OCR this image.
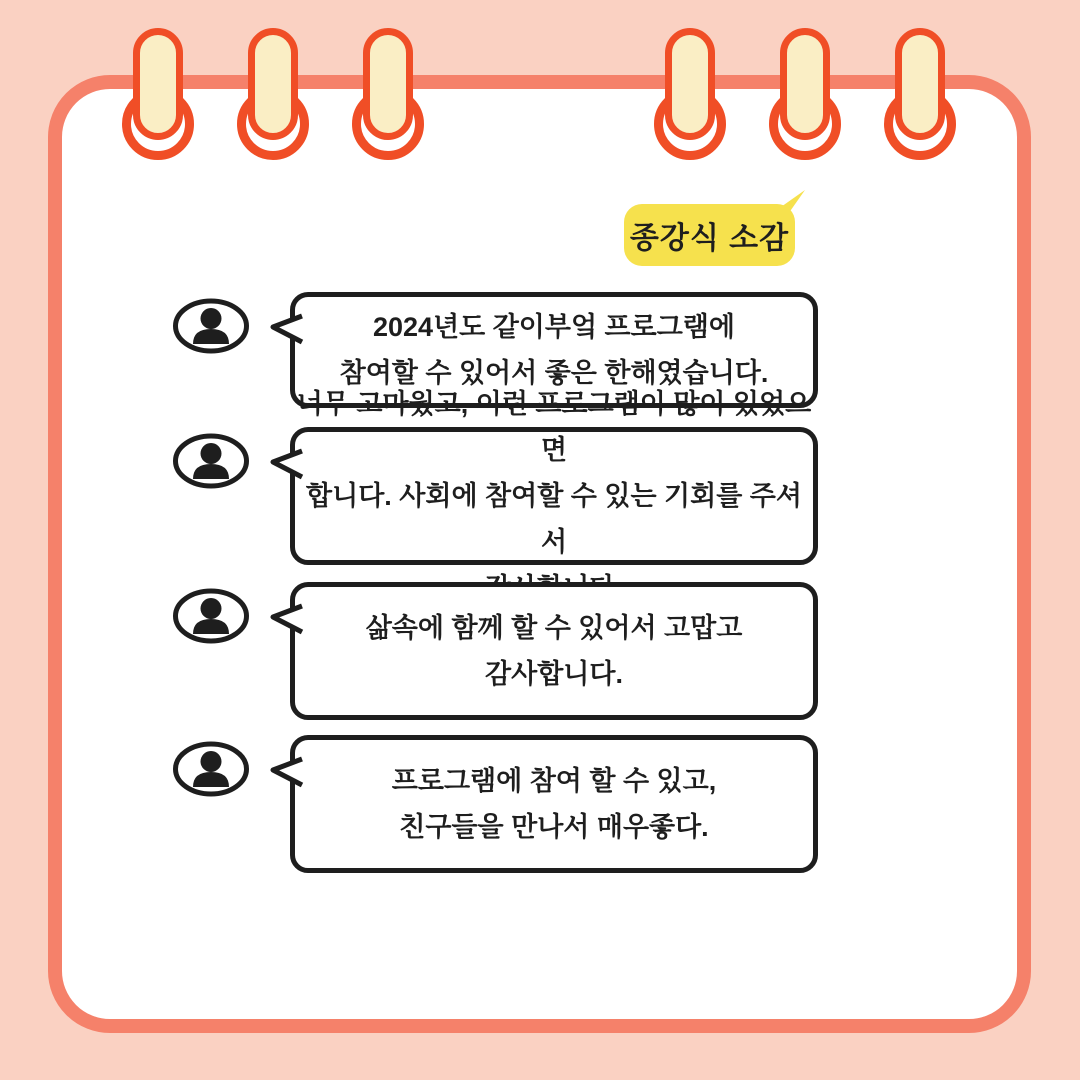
종강식 소감
2024년도 같이부엌 프로그램에
참여할 수 있어서 좋은 한해였습니다.
너무 고마웠고, 이런 프로그램이 많이 있었으면
합니다. 사회에 참여할 수 있는 기회를 주셔서
삶속에 함께 할 수 있어서 고맙고
감사합니다.
프로그램에 참여 할 수 있고,
친구들을 만나서 매우좋다.
